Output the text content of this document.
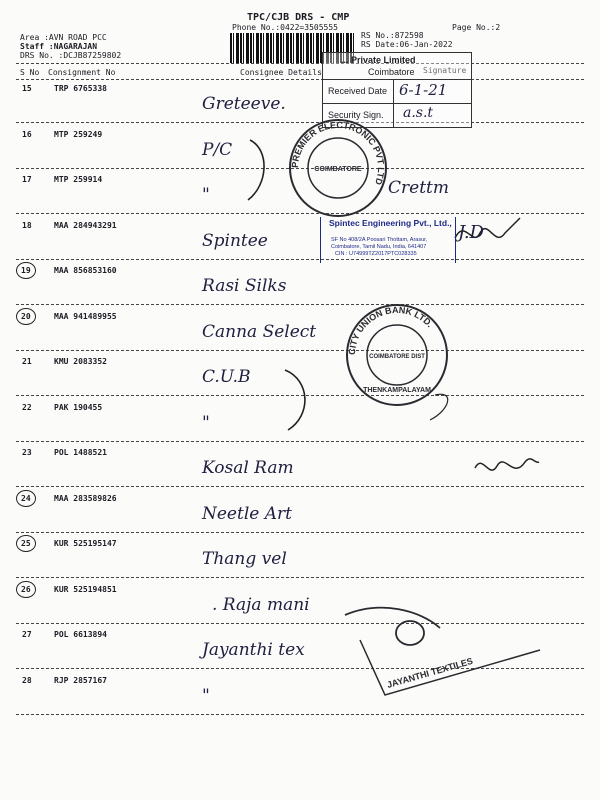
TPC/CJB DRS - CMP
Phone No.:0422=3505555	Page No.:2
Area :AVN ROAD PCC
Staff :NAGARAJAN
DRS No. :DCJB87259802
RS No.:872598
RS Date:06-Jan-2022
S No Consignment No	Consignee Details	Signature
15	TRP 6765338
Greteeve.
16	MTP 259249
P/C
17	MTP 259914
"
18	MAA 284943291
Spintee
19	MAA 856853160
Rasi Silks
20	MAA 941489955
Canna Select
21	KMU 2083352
C.U.B
22	PAK 190455
"
23	POL 1488521
Kosal Ram
24	MAA 283589826
Neetle Art
25	KUR 525195147
Thang vel
26	KUR 525194851
. Raja mani
27	POL 6613894
Jayanthi tex
28	RJP 2857167
"
... Private Limited
Coimbatore
Received Date 6-1-21
Security Sign. a.s.t
PREMIER ELECTRONIC PVT LTD
COIMBATORE
CITY UNION BANK LTD.
COIMBATORE DIST
THENKAMPALAYAM
JAYANTHI TEXTILES
Spintec Engineering Pvt., Ltd.,
SF No 408/2A Poosari Thottam, Arasur,
Coimbatore, Tamil Nadu, India, 641407
CIN : U74999TZ2017PTC028335
Crettm
J.D
